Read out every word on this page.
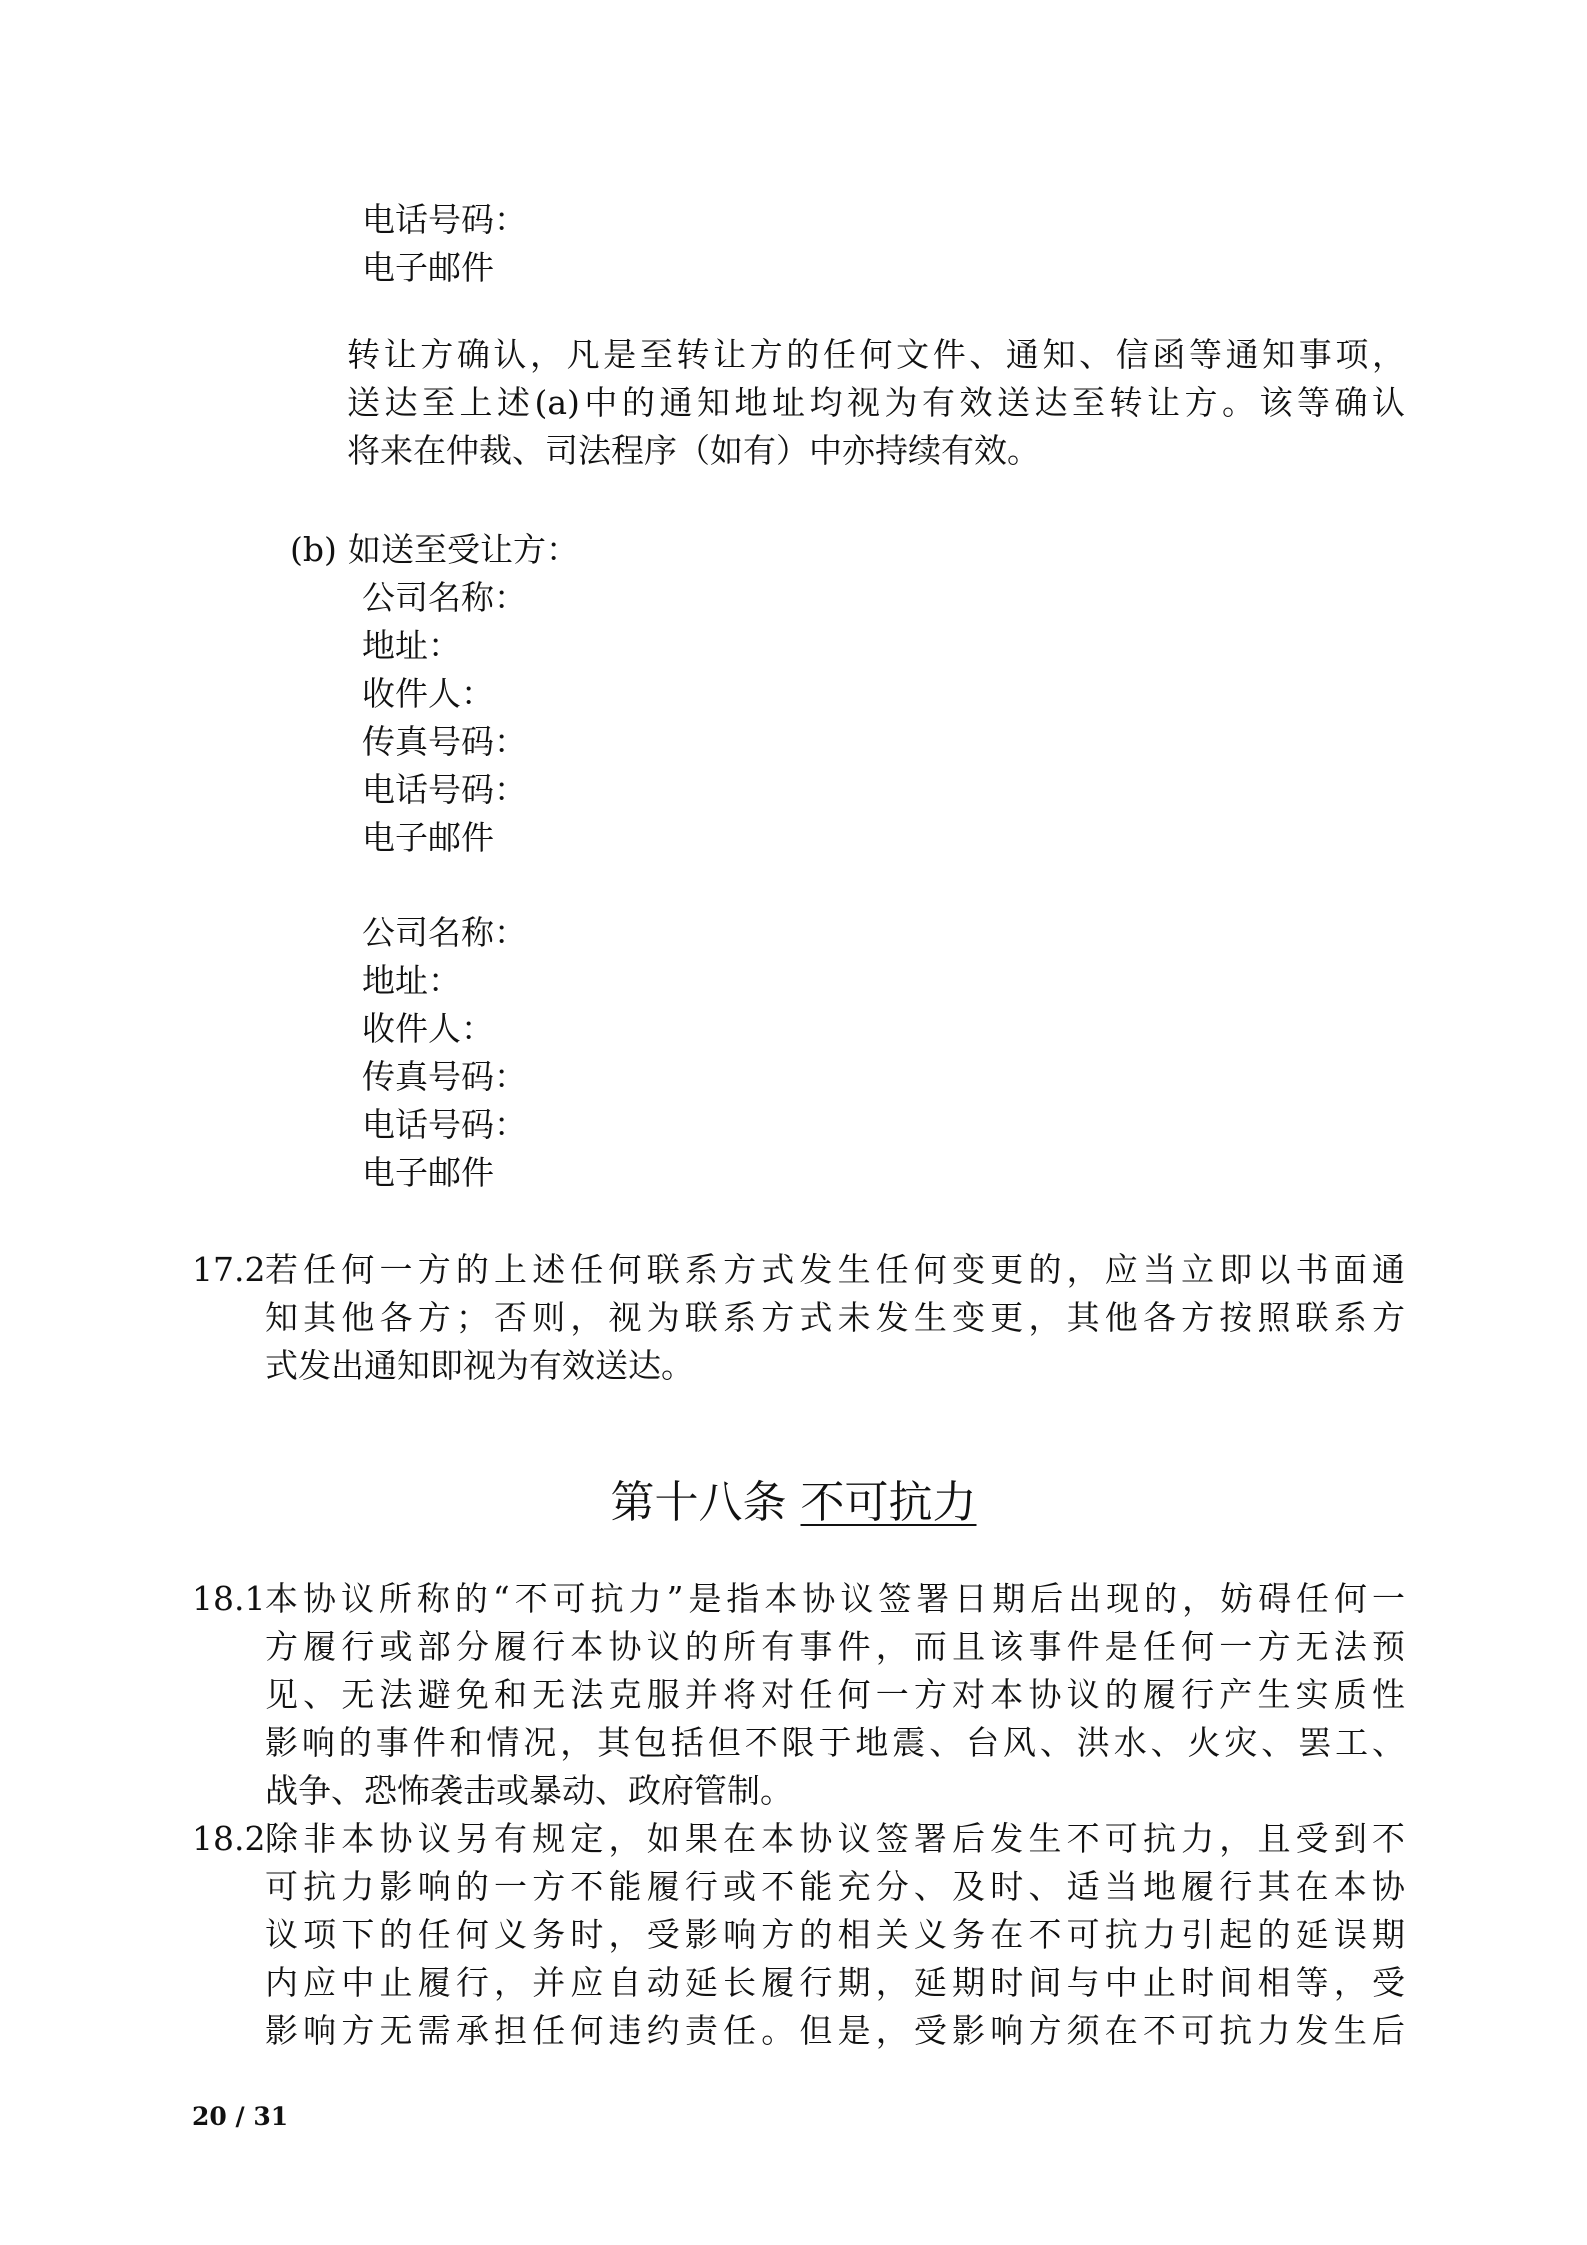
电话号码：
电子邮件
转让方确认，凡是至转让方的任何文件、通知、信函等通知事项，
送达至上述(a)中的通知地址均视为有效送达至转让方。该等确认
将来在仲裁、司法程序（如有）中亦持续有效。
(b) 如送至受让方：
公司名称：
地址：
收件人：
传真号码：
电话号码：
电子邮件
公司名称：
地址：
收件人：
传真号码：
电话号码：
电子邮件
17.2 若任何一方的上述任何联系方式发生任何变更的，应当立即以书面通
知其他各方；否则，视为联系方式未发生变更，其他各方按照联系方
式发出通知即视为有效送达。
第十八条 不可抗力
18.1 本协议所称的“不可抗力”是指本协议签署日期后出现的，妨碍任何一
方履行或部分履行本协议的所有事件，而且该事件是任何一方无法预
见、无法避免和无法克服并将对任何一方对本协议的履行产生实质性
影响的事件和情况，其包括但不限于地震、台风、洪水、火灾、罢工、
战争、恐怖袭击或暴动、政府管制。
18.2 除非本协议另有规定，如果在本协议签署后发生不可抗力，且受到不
可抗力影响的一方不能履行或不能充分、及时、适当地履行其在本协
议项下的任何义务时，受影响方的相关义务在不可抗力引起的延误期
内应中止履行，并应自动延长履行期，延期时间与中止时间相等，受
影响方无需承担任何违约责任。但是，受影响方须在不可抗力发生后
20 / 31
